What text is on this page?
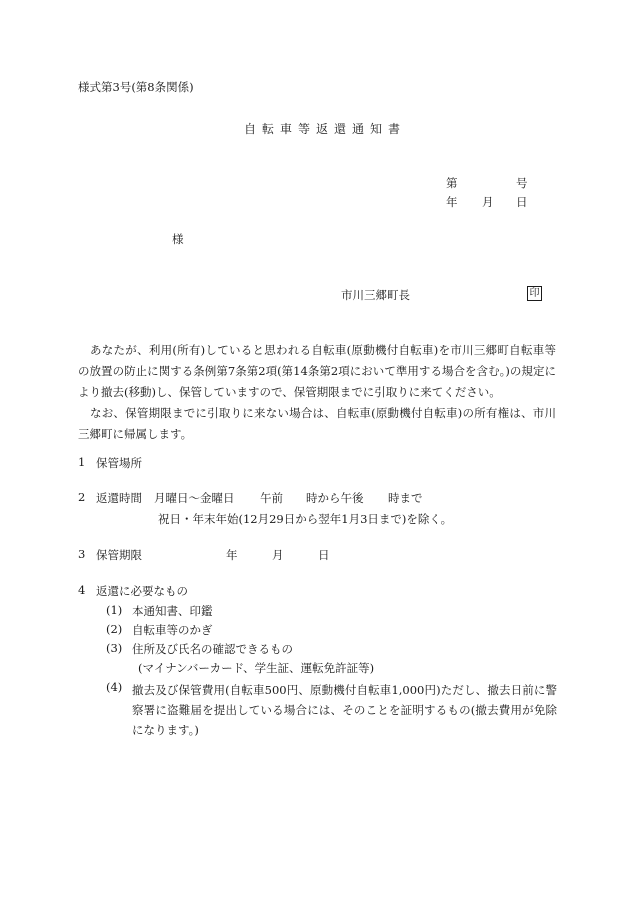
様式第3号(第8条関係)
自転車等返還通知書
第	号
年 月 日
様
市川三郷町長	印

あなたが、利用(所有)していると思われる自転車(原動機付自転車)を市川三郷町自転車等の放置の防止に関する条例第7条第2項(第14条第2項において準用する場合を含む。)の規定により撤去(移動)し、保管していますので、保管期限までに引取りに来てください。

なお、保管期限までに引取りに来ない場合は、自転車(原動機付自転車)の所有権は、市川三郷町に帰属します。

1 保管場所
2 返還時間 月曜日～金曜日 午前 時から午後 時まで
祝日・年末年始(12月29日から翌年1月3日まで)を除く。
3 保管期限	年	月	日
4 返還に必要なもの
(1) 本通知書、印鑑
(2) 自転車等のかぎ
(3) 住所及び氏名の確認できるもの
(マイナンバーカード、学生証、運転免許証等)
(4) 撤去及び保管費用(自転車500円、原動機付自転車1,000円)ただし、撤去日前に警察署に盗難届を提出している場合には、そのことを証明するもの(撤去費用が免除になります。)
